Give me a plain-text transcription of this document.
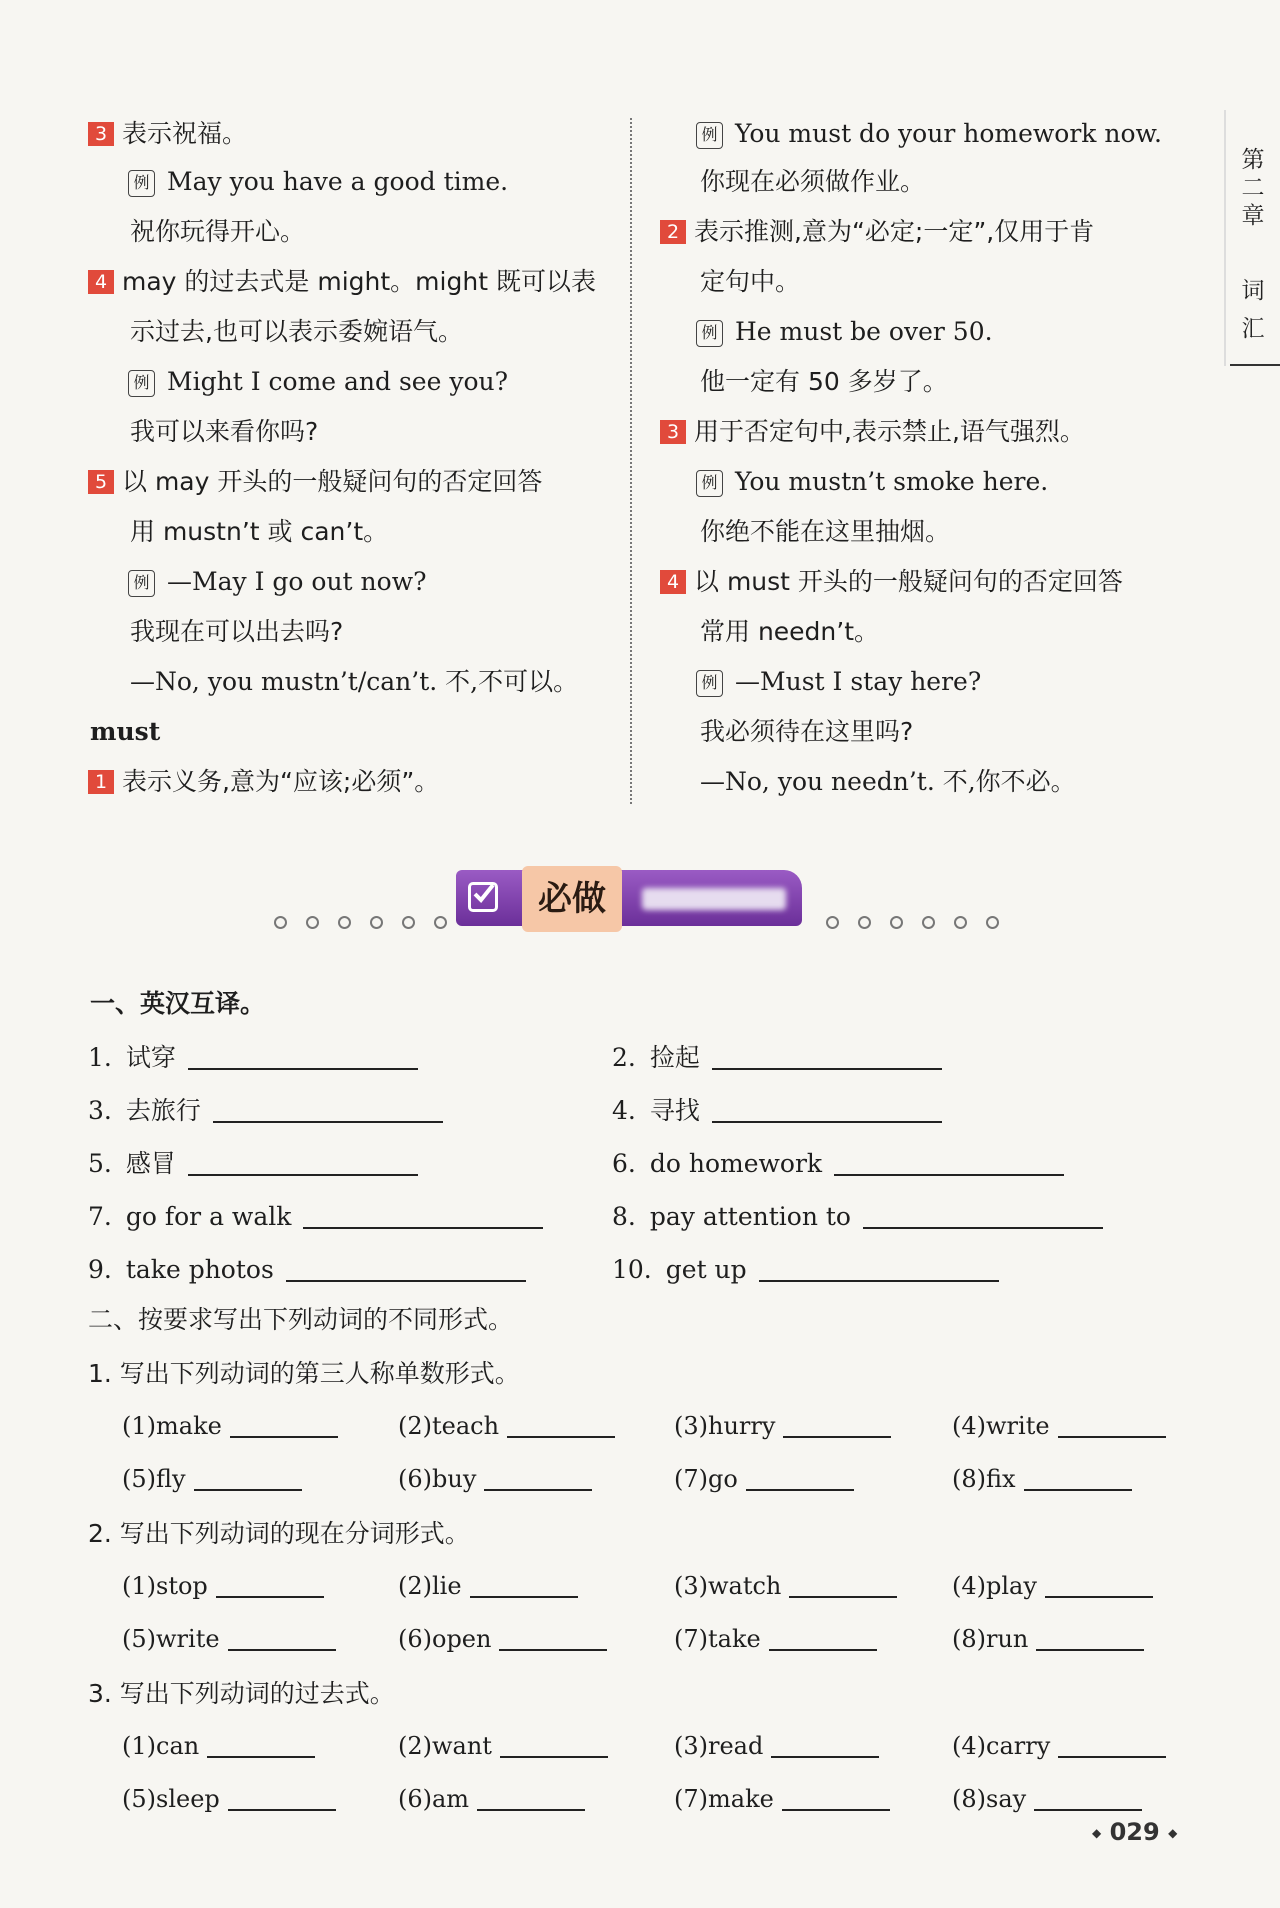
第二章
词汇
3 表示祝福。
例 May you have a good time.
祝你玩得开心。
4 may 的过去式是 might。might 既可以表
示过去,也可以表示委婉语气。
例 Might I come and see you?
我可以来看你吗?
5 以 may 开头的一般疑问句的否定回答
用 mustn’t 或 can’t。
例 —May I go out now?
我现在可以出去吗?
—No, you mustn’t/can’t. 不,不可以。
must
1 表示义务,意为“应该;必须”。
例 You must do your homework now.
你现在必须做作业。
2 表示推测,意为“必定;一定”,仅用于肯
定句中。
例 He must be over 50.
他一定有 50 多岁了。
3 用于否定句中,表示禁止,语气强烈。
例 You mustn’t smoke here.
你绝不能在这里抽烟。
4 以 must 开头的一般疑问句的否定回答
常用 needn’t。
例 —Must I stay here?
我必须待在这里吗?
—No, you needn’t. 不,你不必。
必做
一、英汉互译。
1. 试穿	2. 捡起
3. 去旅行	4. 寻找
5. 感冒	6. do homework
7. go for a walk	8. pay attention to
9. take photos	10. get up
二、按要求写出下列动词的不同形式。
1. 写出下列动词的第三人称单数形式。
2. 写出下列动词的现在分词形式。
3. 写出下列动词的过去式。
(1)make	(2)teach	(3)hurry	(4)write
(5)fly	(6)buy	(7)go	(8)fix
(1)stop	(2)lie	(3)watch	(4)play
(5)write	(6)open	(7)take	(8)run
(1)can	(2)want	(3)read	(4)carry
(5)sleep	(6)am	(7)make	(8)say
◆ 029 ◆
